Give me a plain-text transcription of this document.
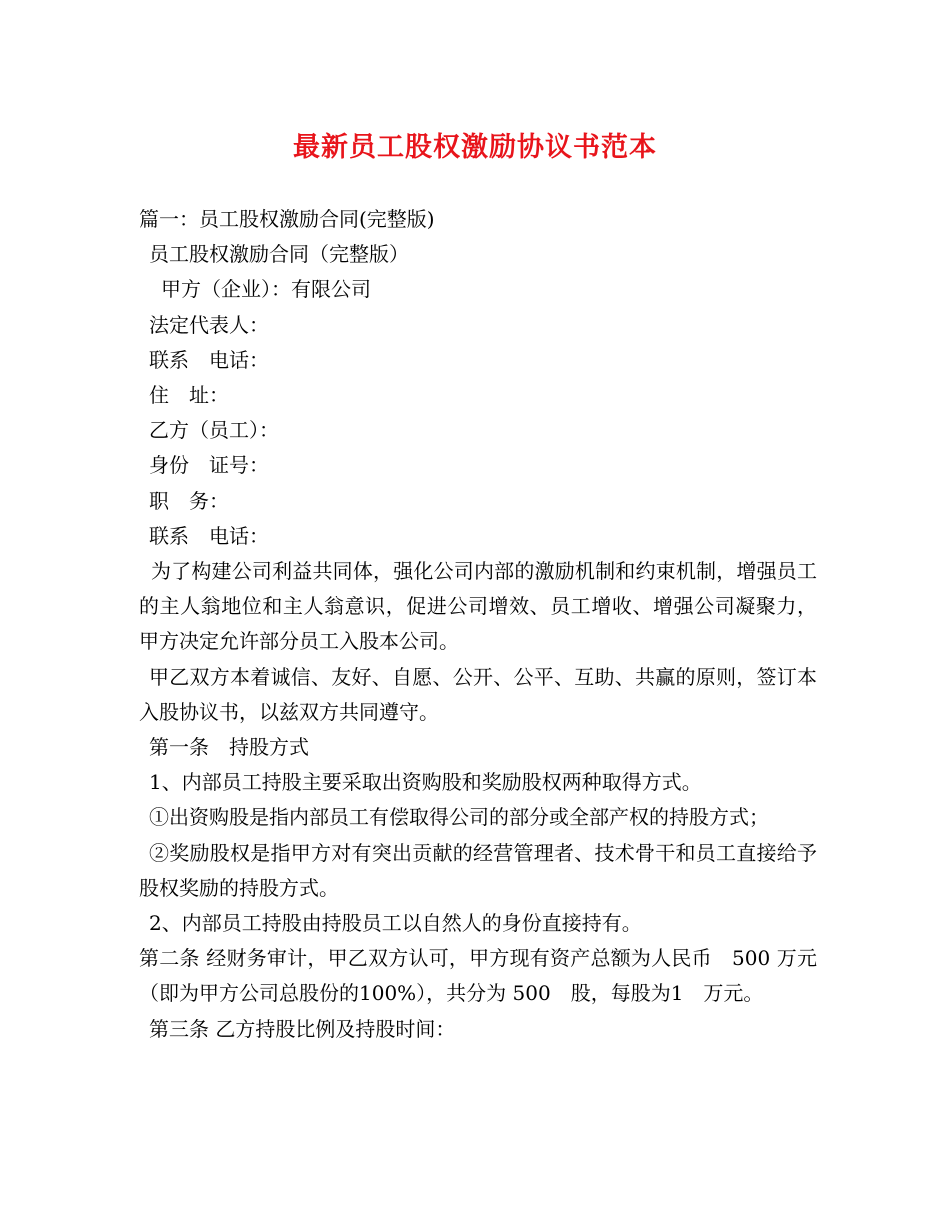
最新员工股权激励协议书范本

篇一：员工股权激励合同(完整版)

员工股权激励合同（完整版）

甲方（企业）：有限公司

法定代表人：

联系　电话：

住　址：

乙方（员工）：

身份　证号：

职　务：

联系　电话：

为了构建公司利益共同体，强化公司内部的激励机制和约束机制，增强员工的主人翁地位和主人翁意识，促进公司增效、员工增收、增强公司凝聚力，甲方决定允许部分员工入股本公司。

甲乙双方本着诚信、友好、自愿、公开、公平、互助、共赢的原则，签订本入股协议书，以兹双方共同遵守。

第一条　持股方式

1、内部员工持股主要采取出资购股和奖励股权两种取得方式。

①出资购股是指内部员工有偿取得公司的部分或全部产权的持股方式；

②奖励股权是指甲方对有突出贡献的经营管理者、技术骨干和员工直接给予股权奖励的持股方式。

2、内部员工持股由持股员工以自然人的身份直接持有。

第二条 经财务审计，甲乙双方认可，甲方现有资产总额为人民币　500 万元（即为甲方公司总股份的100%），共分为 500　股，每股为1　万元。

第三条 乙方持股比例及持股时间：
